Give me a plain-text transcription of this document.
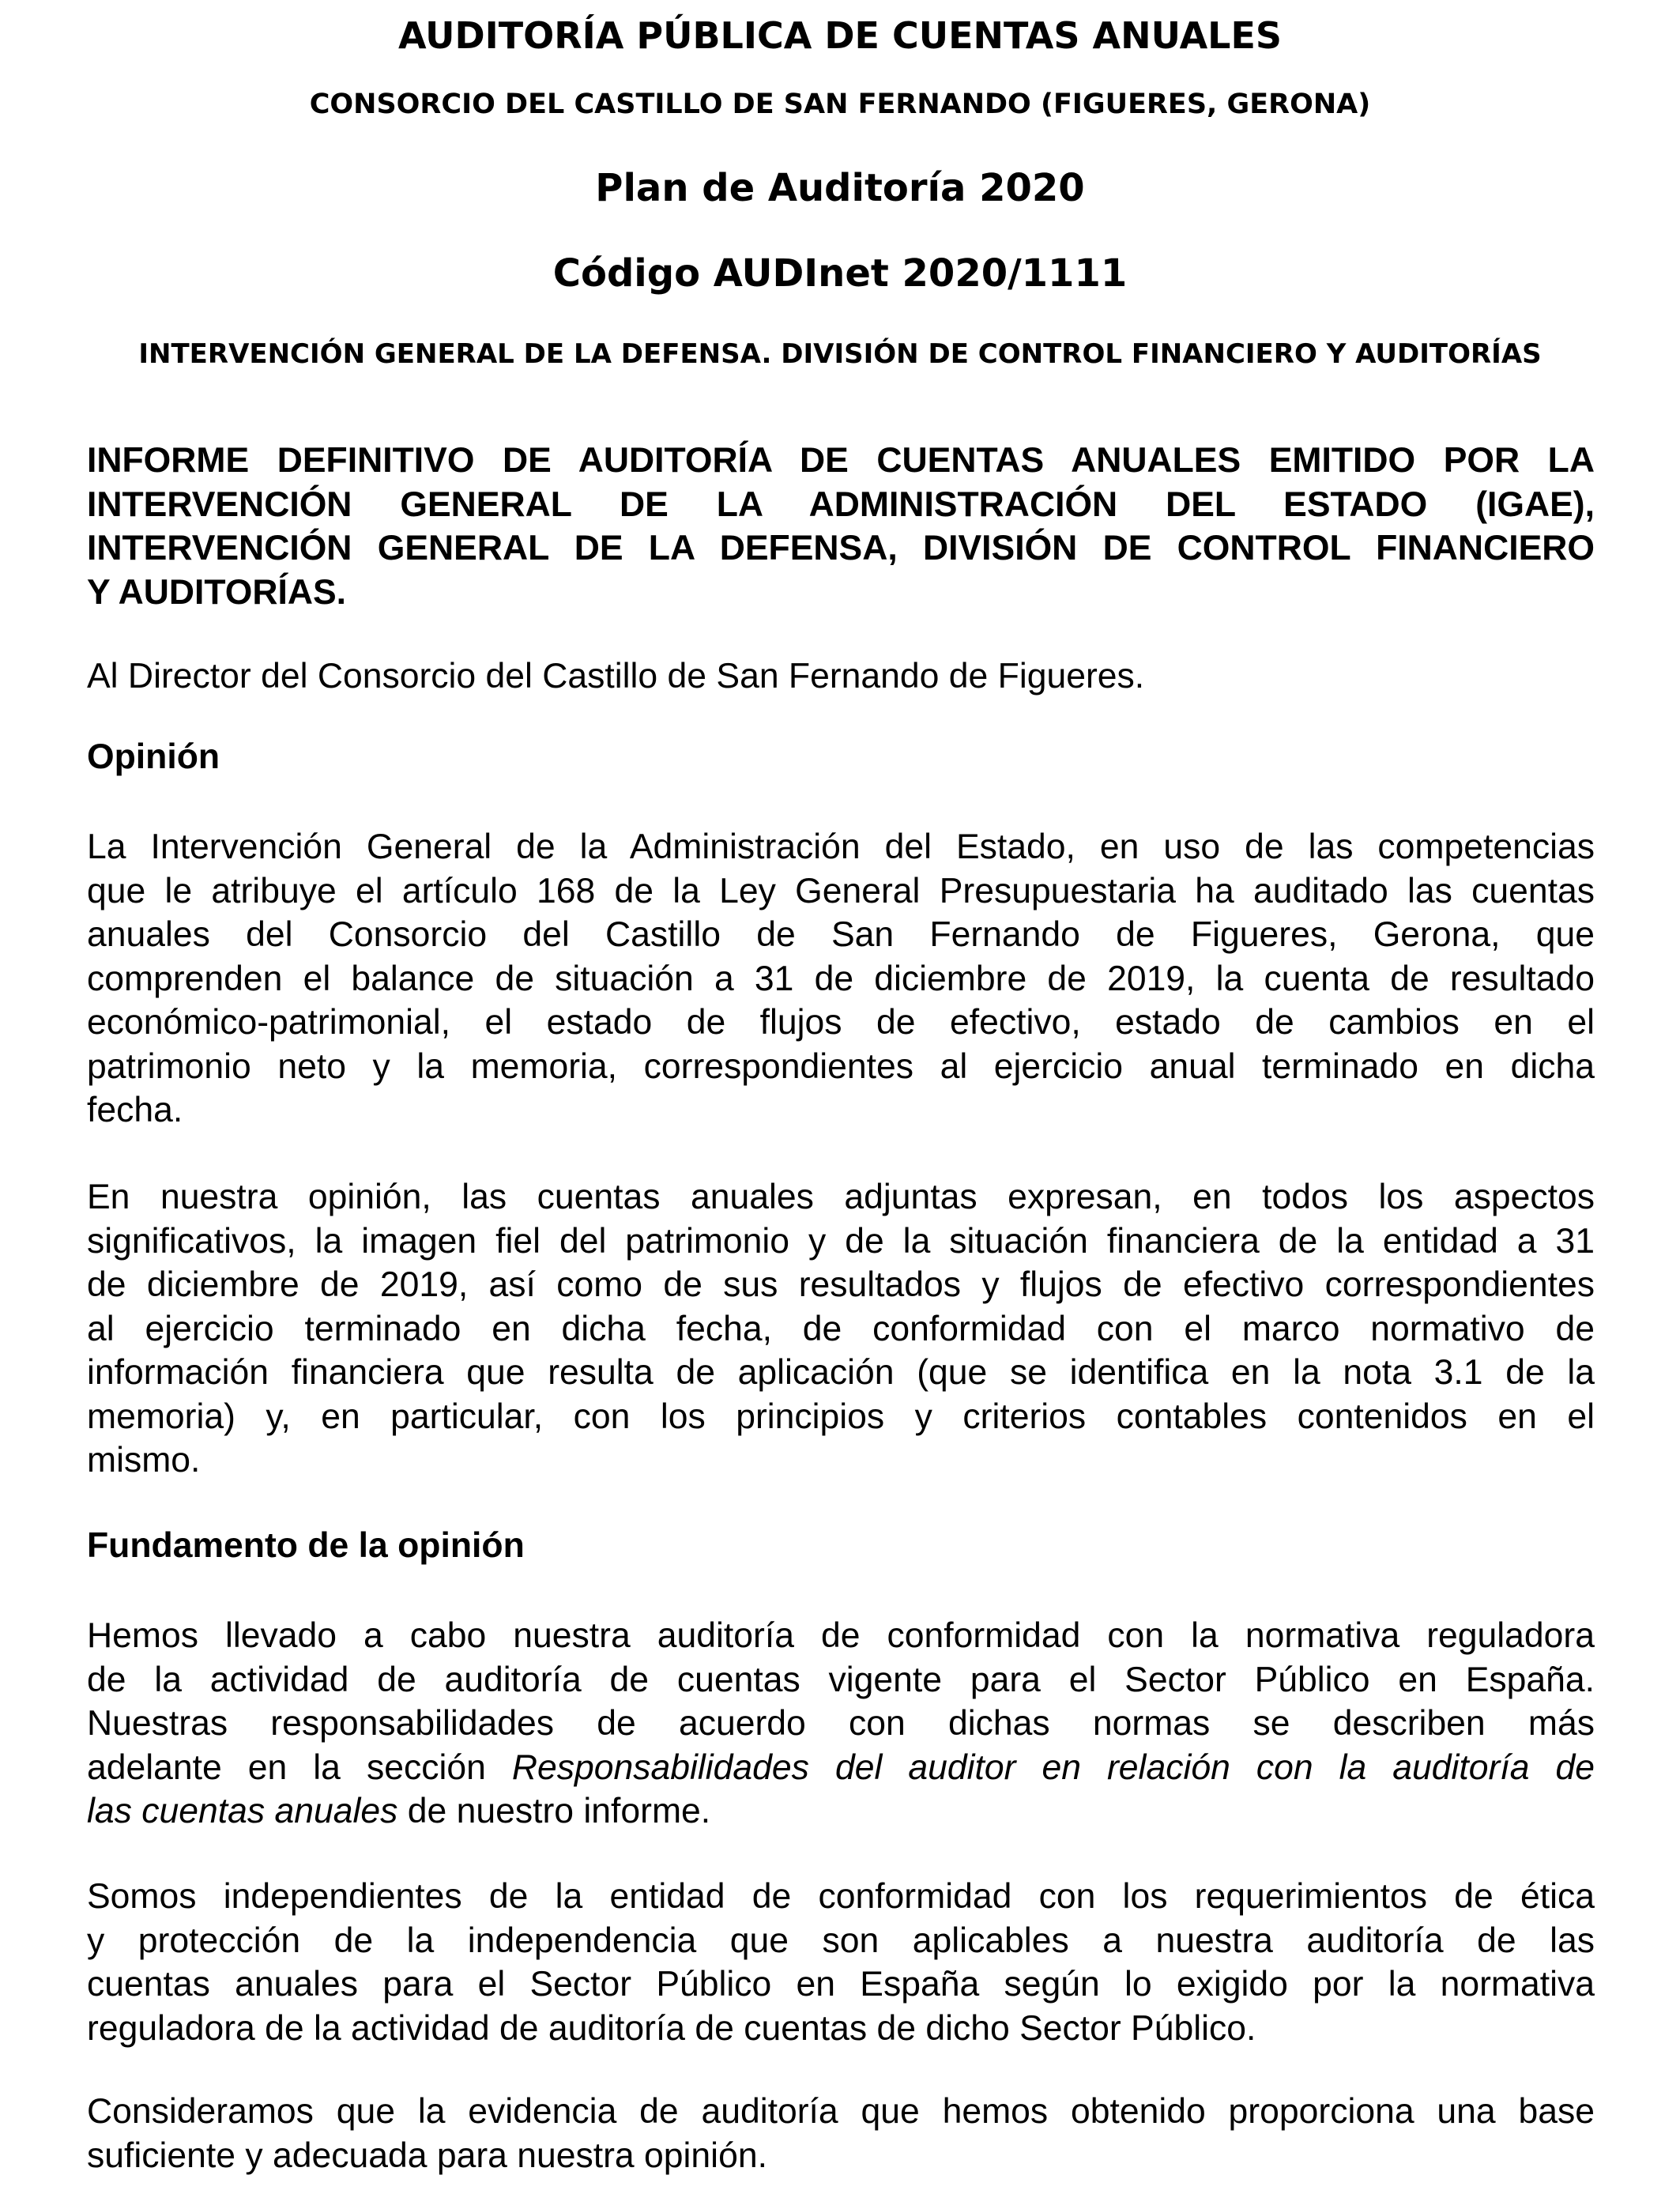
AUDITORÍA PÚBLICA DE CUENTAS ANUALES
CONSORCIO DEL CASTILLO DE SAN FERNANDO (FIGUERES, GERONA)
Plan de Auditoría 2020
Código AUDInet 2020/1111
INTERVENCIÓN GENERAL DE LA DEFENSA. DIVISIÓN DE CONTROL FINANCIERO Y AUDITORÍAS
INFORME DEFINITIVO DE AUDITORÍA DE CUENTAS ANUALES EMITIDO POR LA
INTERVENCIÓN GENERAL DE LA ADMINISTRACIÓN DEL ESTADO (IGAE),
INTERVENCIÓN GENERAL DE LA DEFENSA, DIVISIÓN DE CONTROL FINANCIERO
Y AUDITORÍAS.
Al Director del Consorcio del Castillo de San Fernando de Figueres.
Opinión
La Intervención General de la Administración del Estado, en uso de las competencias
que le atribuye el artículo 168 de la Ley General Presupuestaria ha auditado las cuentas
anuales del Consorcio del Castillo de San Fernando de Figueres, Gerona, que
comprenden el balance de situación a 31 de diciembre de 2019, la cuenta de resultado
económico-patrimonial, el estado de flujos de efectivo, estado de cambios en el
patrimonio neto y la memoria, correspondientes al ejercicio anual terminado en dicha
fecha.
En nuestra opinión, las cuentas anuales adjuntas expresan, en todos los aspectos
significativos, la imagen fiel del patrimonio y de la situación financiera de la entidad a 31
de diciembre de 2019, así como de sus resultados y flujos de efectivo correspondientes
al ejercicio terminado en dicha fecha, de conformidad con el marco normativo de
información financiera que resulta de aplicación (que se identifica en la nota 3.1 de la
memoria) y, en particular, con los principios y criterios contables contenidos en el
mismo.
Fundamento de la opinión
Hemos llevado a cabo nuestra auditoría de conformidad con la normativa reguladora
de la actividad de auditoría de cuentas vigente para el Sector Público en España.
Nuestras responsabilidades de acuerdo con dichas normas se describen más
adelante en la sección Responsabilidades del auditor en relación con la auditoría de
las cuentas anuales de nuestro informe.
Somos independientes de la entidad de conformidad con los requerimientos de ética
y protección de la independencia que son aplicables a nuestra auditoría de las
cuentas anuales para el Sector Público en España según lo exigido por la normativa
reguladora de la actividad de auditoría de cuentas de dicho Sector Público.
Consideramos que la evidencia de auditoría que hemos obtenido proporciona una base
suficiente y adecuada para nuestra opinión.
